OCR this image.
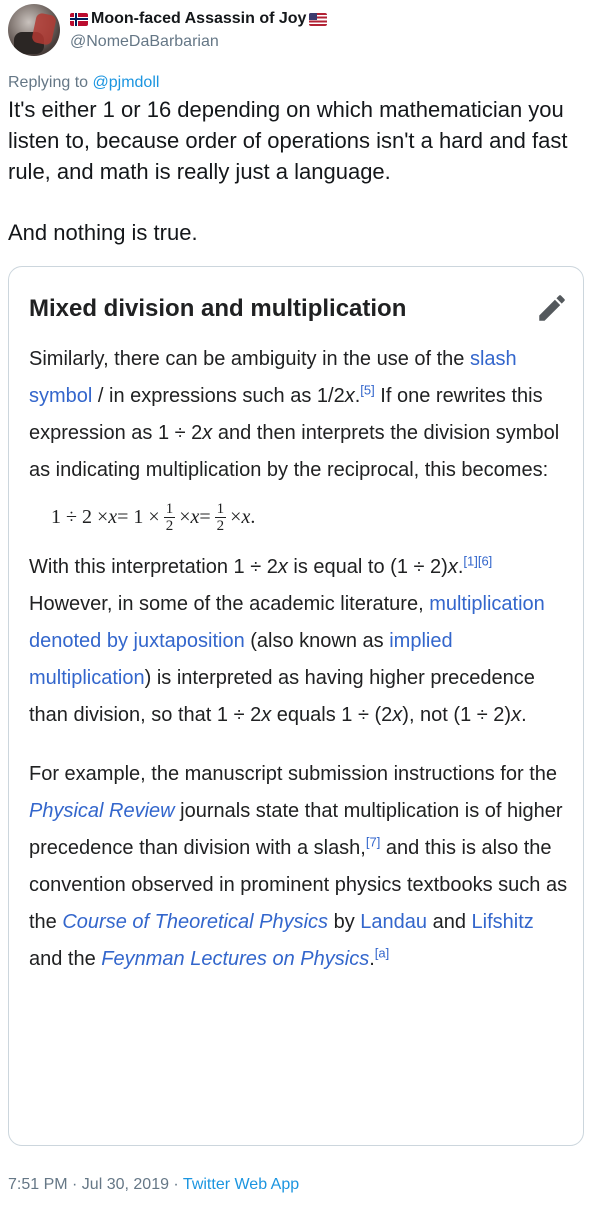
Moon-faced Assassin of Joy
@NomeDaBarbarian
Replying to @pjmdoll

It's either 1 or 16 depending on which mathematician you listen to, because order of operations isn't a hard and fast rule, and math is really just a language.

And nothing is true.

Mixed division and multiplication

Similarly, there can be ambiguity in the use of the slash symbol / in expressions such as 1/2x.[5] If one rewrites this expression as 1 ÷ 2x and then interprets the division symbol as indicating multiplication by the reciprocal, this becomes:

$1 \div 2 \times x = 1 \times \frac{1}{2} \times x = \frac{1}{2} \times x$ .

With this interpretation 1 ÷ 2x is equal to (1 ÷ 2)x.[1][6] However, in some of the academic literature, multiplication denoted by juxtaposition (also known as implied multiplication) is interpreted as having higher precedence than division, so that 1 ÷ 2x equals 1 ÷ (2x), not (1 ÷ 2)x.

For example, the manuscript submission instructions for the Physical Review journals state that multiplication is of higher precedence than division with a slash,[7] and this is also the convention observed in prominent physics textbooks such as the Course of Theoretical Physics by Landau and Lifshitz and the Feynman Lectures on Physics.[a]

7:51 PM · Jul 30, 2019 · Twitter Web App
